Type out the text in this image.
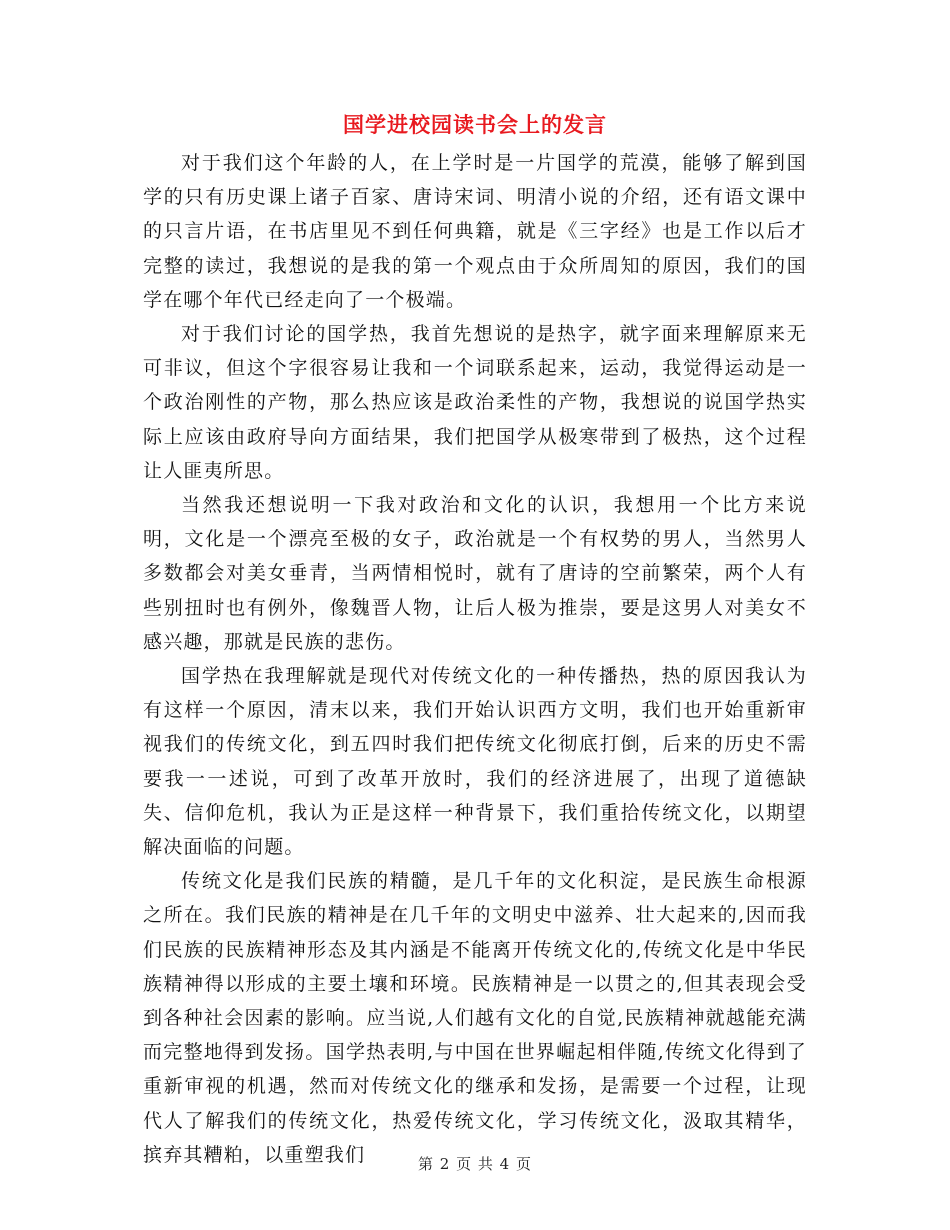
国学进校园读书会上的发言

对于我们这个年龄的人，在上学时是一片国学的荒漠，能够了解到国学的只有历史课上诸子百家、唐诗宋词、明清小说的介绍，还有语文课中的只言片语，在书店里见不到任何典籍，就是《三字经》也是工作以后才完整的读过，我想说的是我的第一个观点由于众所周知的原因，我们的国学在哪个年代已经走向了一个极端。

对于我们讨论的国学热，我首先想说的是热字，就字面来理解原来无可非议，但这个字很容易让我和一个词联系起来，运动，我觉得运动是一个政治刚性的产物，那么热应该是政治柔性的产物，我想说的说国学热实际上应该由政府导向方面结果，我们把国学从极寒带到了极热，这个过程让人匪夷所思。

当然我还想说明一下我对政治和文化的认识，我想用一个比方来说明，文化是一个漂亮至极的女子，政治就是一个有权势的男人，当然男人多数都会对美女垂青，当两情相悦时，就有了唐诗的空前繁荣，两个人有些别扭时也有例外，像魏晋人物，让后人极为推崇，要是这男人对美女不感兴趣，那就是民族的悲伤。

国学热在我理解就是现代对传统文化的一种传播热，热的原因我认为有这样一个原因，清末以来，我们开始认识西方文明，我们也开始重新审视我们的传统文化，到五四时我们把传统文化彻底打倒，后来的历史不需要我一一述说，可到了改革开放时，我们的经济进展了，出现了道德缺失、信仰危机，我认为正是这样一种背景下，我们重拾传统文化，以期望解决面临的问题。

传统文化是我们民族的精髓，是几千年的文化积淀，是民族生命根源之所在。我们民族的精神是在几千年的文明史中滋养、壮大起来的,因而我们民族的民族精神形态及其内涵是不能离开传统文化的,传统文化是中华民族精神得以形成的主要土壤和环境。民族精神是一以贯之的,但其表现会受到各种社会因素的影响。应当说,人们越有文化的自觉,民族精神就越能充满而完整地得到发扬。国学热表明,与中国在世界崛起相伴随,传统文化得到了重新审视的机遇，然而对传统文化的继承和发扬，是需要一个过程，让现代人了解我们的传统文化，热爱传统文化，学习传统文化，汲取其精华，摈弃其糟粕，以重塑我们	第 2 页 共 4 页
